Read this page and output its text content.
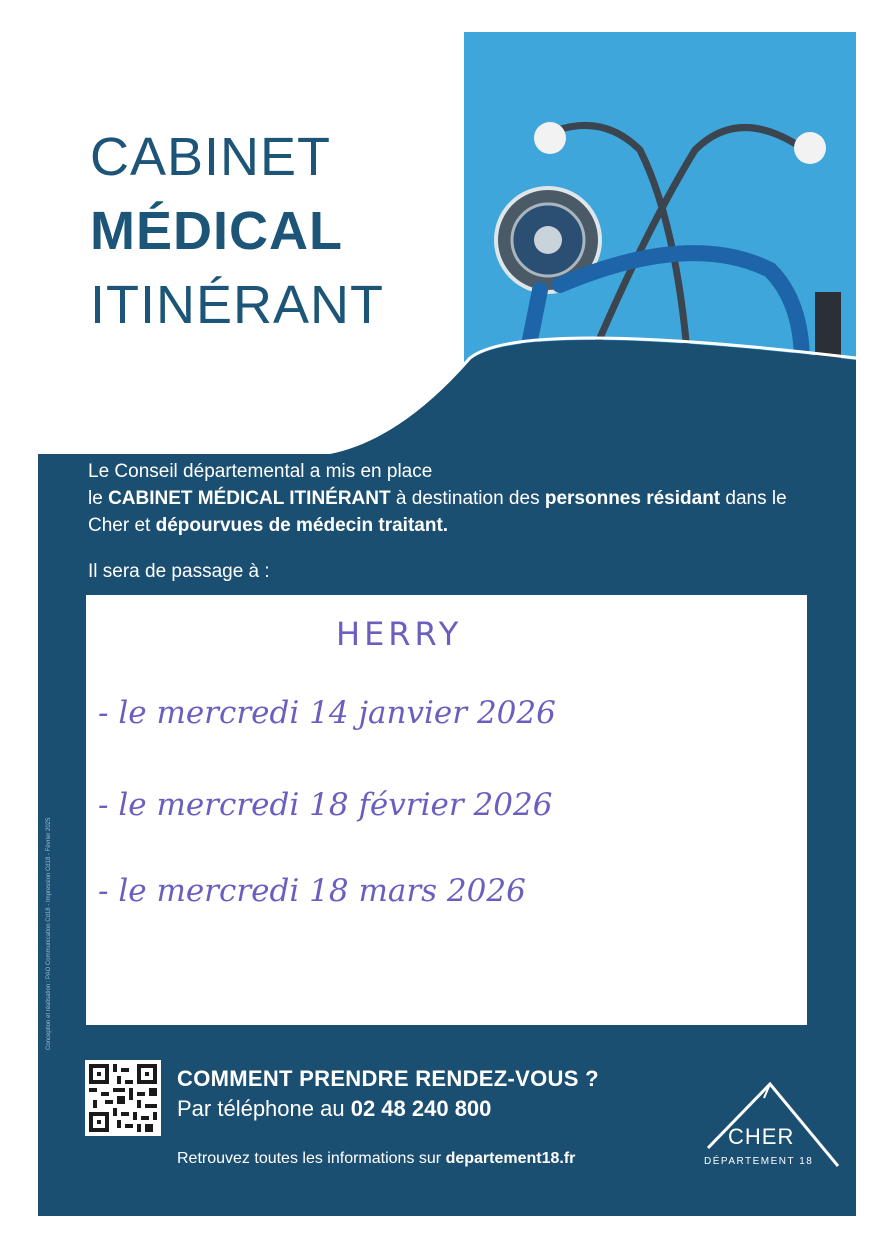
CABINET
MÉDICAL
ITINÉRANT
Le Conseil départemental a mis en place
le CABINET MÉDICAL ITINÉRANT à destination des personnes résidant dans le Cher et dépourvues de médecin traitant.
Il sera de passage à :
HERRY
- le mercredi 14 janvier 2026
- le mercredi 18 février 2026
- le mercredi 18 mars 2026
Conception et réalisation : PAO Communication Cd18 - Impression Cd18 - Février 2025
COMMENT PRENDRE RENDEZ-VOUS ?
Par téléphone au 02 48 240 800
Retrouvez toutes les informations sur departement18.fr
CHER
DÉPARTEMENT 18
